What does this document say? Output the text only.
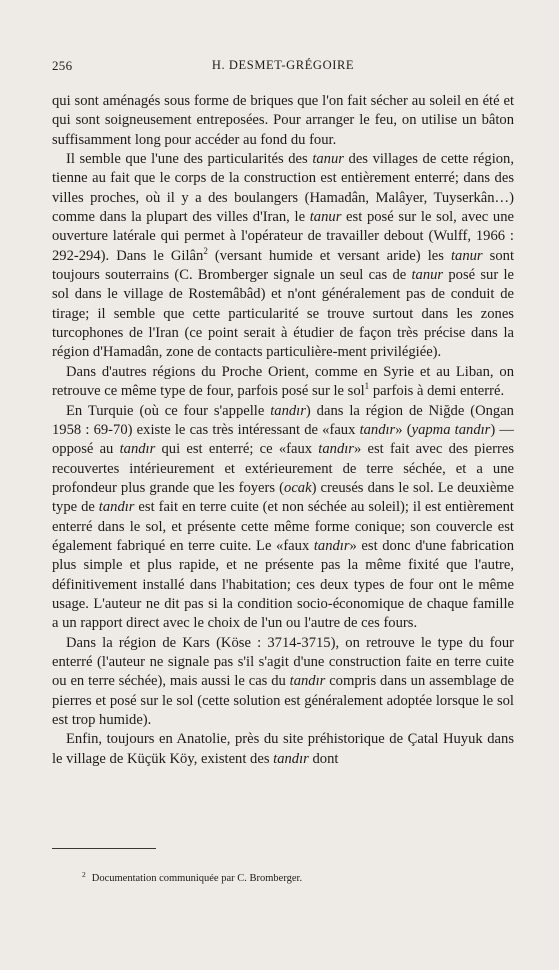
256	H. DESMET-GRÉGOIRE

qui sont aménagés sous forme de briques que l'on fait sécher au soleil en été et qui sont soigneusement entreposées. Pour arranger le feu, on utilise un bâton suffisamment long pour accéder au fond du four.

Il semble que l'une des particularités des tanur des villages de cette région, tienne au fait que le corps de la construction est entièrement enterré; dans des villes proches, où il y a des boulangers (Hamadân, Malâyer, Tuyserkân…) comme dans la plupart des villes d'Iran, le tanur est posé sur le sol, avec une ouverture latérale qui permet à l'opérateur de travailler debout (Wulff, 1966 : 292-294). Dans le Gilân$^2$ (versant humide et versant aride) les tanur sont toujours souterrains (C. Bromberger signale un seul cas de tanur posé sur le sol dans le village de Rostemâbâd) et n'ont généralement pas de conduit de tirage; il semble que cette particularité se trouve surtout dans les zones turcophones de l'Iran (ce point serait à étudier de façon très précise dans la région d'Hamadân, zone de contacts particulière-ment privilégiée).

Dans d'autres régions du Proche Orient, comme en Syrie et au Liban, on retrouve ce même type de four, parfois posé sur le sol$^1$ parfois à demi enterré.

En Turquie (où ce four s'appelle tandır) dans la région de Niğde (Ongan 1958 : 69-70) existe le cas très intéressant de «faux tandır» (yapma tandır) — opposé au tandır qui est enterré; ce «faux tandır» est fait avec des pierres recouvertes intérieurement et extérieurement de terre séchée, et a une profondeur plus grande que les foyers (ocak) creusés dans le sol. Le deuxième type de tandır est fait en terre cuite (et non séchée au soleil); il est entièrement enterré dans le sol, et présente cette même forme conique; son couvercle est également fabriqué en terre cuite. Le «faux tandır» est donc d'une fabrication plus simple et plus rapide, et ne présente pas la même fixité que l'autre, définitivement installé dans l'habitation; ces deux types de four ont le même usage. L'auteur ne dit pas si la condition socio-économique de chaque famille a un rapport direct avec le choix de l'un ou l'autre de ces fours.

Dans la région de Kars (Köse : 3714-3715), on retrouve le type du four enterré (l'auteur ne signale pas s'il s'agit d'une construction faite en terre cuite ou en terre séchée), mais aussi le cas du tandır compris dans un assemblage de pierres et posé sur le sol (cette solution est généralement adoptée lorsque le sol est trop humide).

Enfin, toujours en Anatolie, près du site préhistorique de Çatal Huyuk dans le village de Küçük Köy, existent des tandır dont

$^2$ Documentation communiquée par C. Bromberger.
